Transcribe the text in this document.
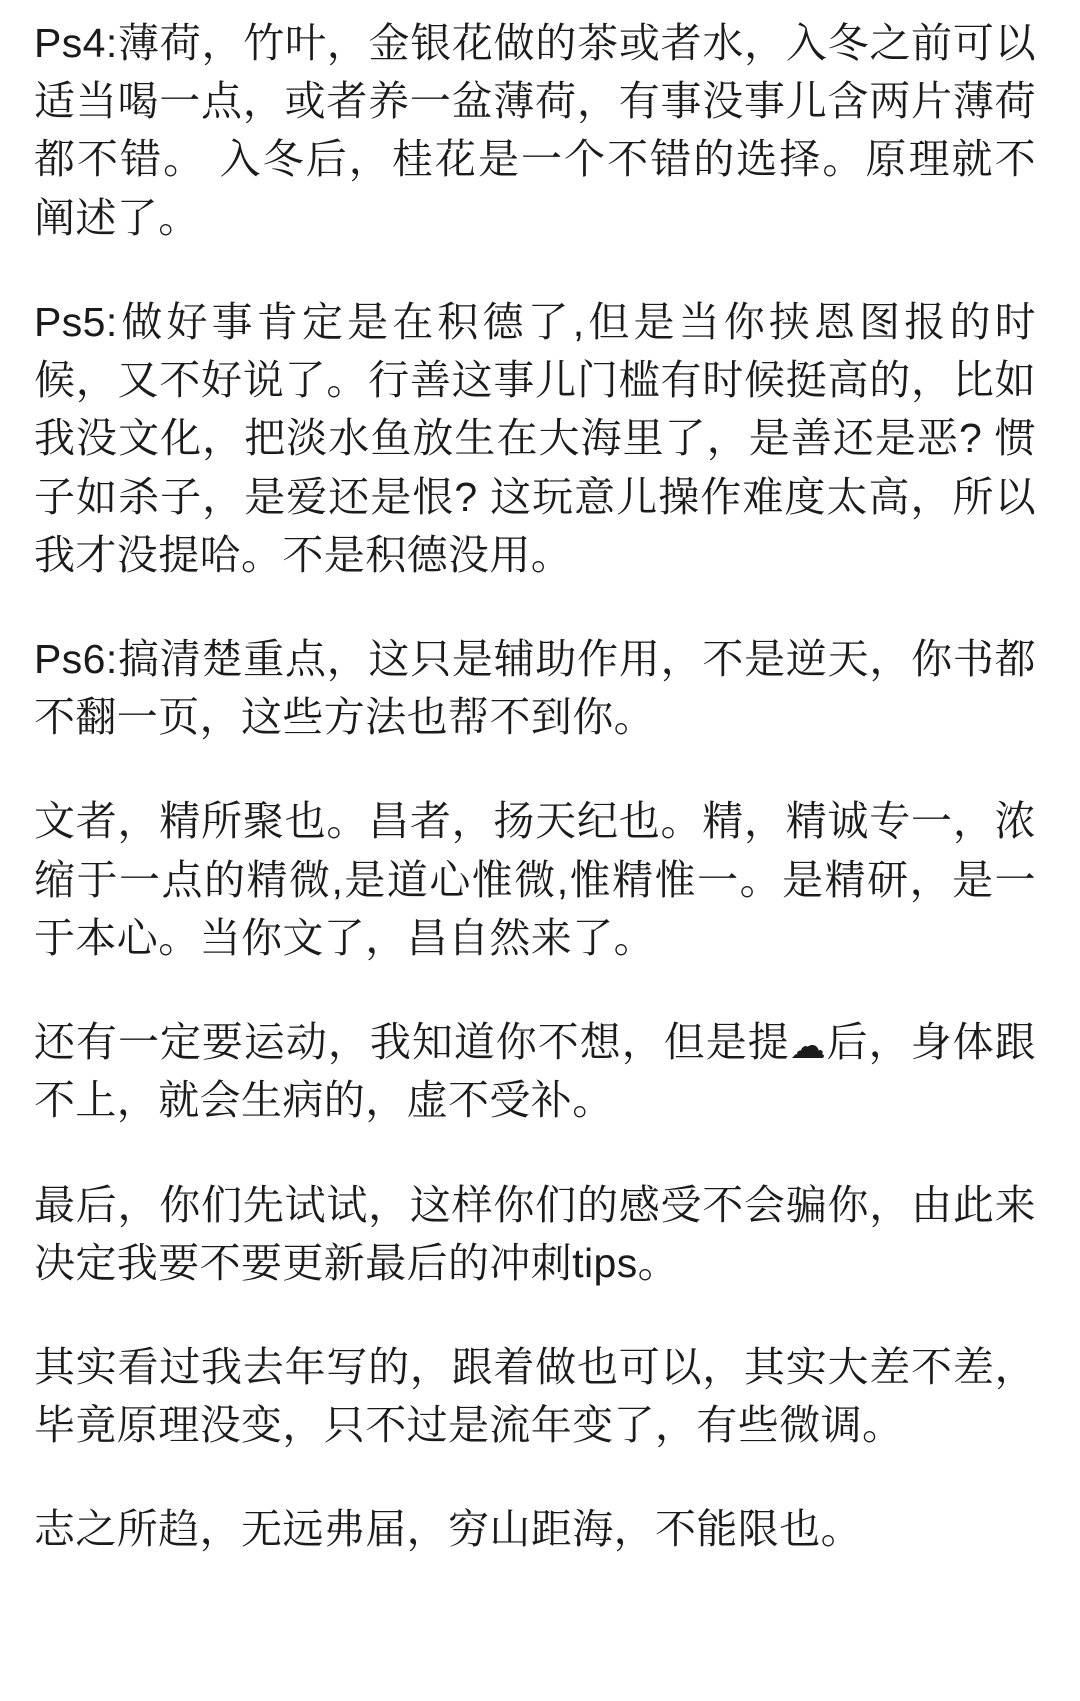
Ps4:薄荷，竹叶，金银花做的茶或者水，入冬之前可以适当喝一点，或者养一盆薄荷，有事没事儿含两片薄荷都不错。 入冬后，桂花是一个不错的选择。原理就不阐述了。

Ps5:做好事肯定是在积德了,但是当你挟恩图报的时候，又不好说了。行善这事儿门槛有时候挺高的，比如我没文化，把淡水鱼放生在大海里了，是善还是恶? 惯子如杀子，是爱还是恨? 这玩意儿操作难度太高，所以我才没提哈。不是积德没用。

Ps6:搞清楚重点，这只是辅助作用，不是逆天，你书都不翻一页，这些方法也帮不到你。

文者，精所聚也。昌者，扬天纪也。精，精诚专一，浓缩于一点的精微,是道心惟微,惟精惟一。是精研，是一于本心。当你文了，昌自然来了。

还有一定要运动，我知道你不想，但是提☁后，身体跟不上，就会生病的，虚不受补。

最后，你们先试试，这样你们的感受不会骗你，由此来决定我要不要更新最后的冲刺tips。

其实看过我去年写的，跟着做也可以，其实大差不差，毕竟原理没变，只不过是流年变了，有些微调。

志之所趋，无远弗届，穷山距海，不能限也。
